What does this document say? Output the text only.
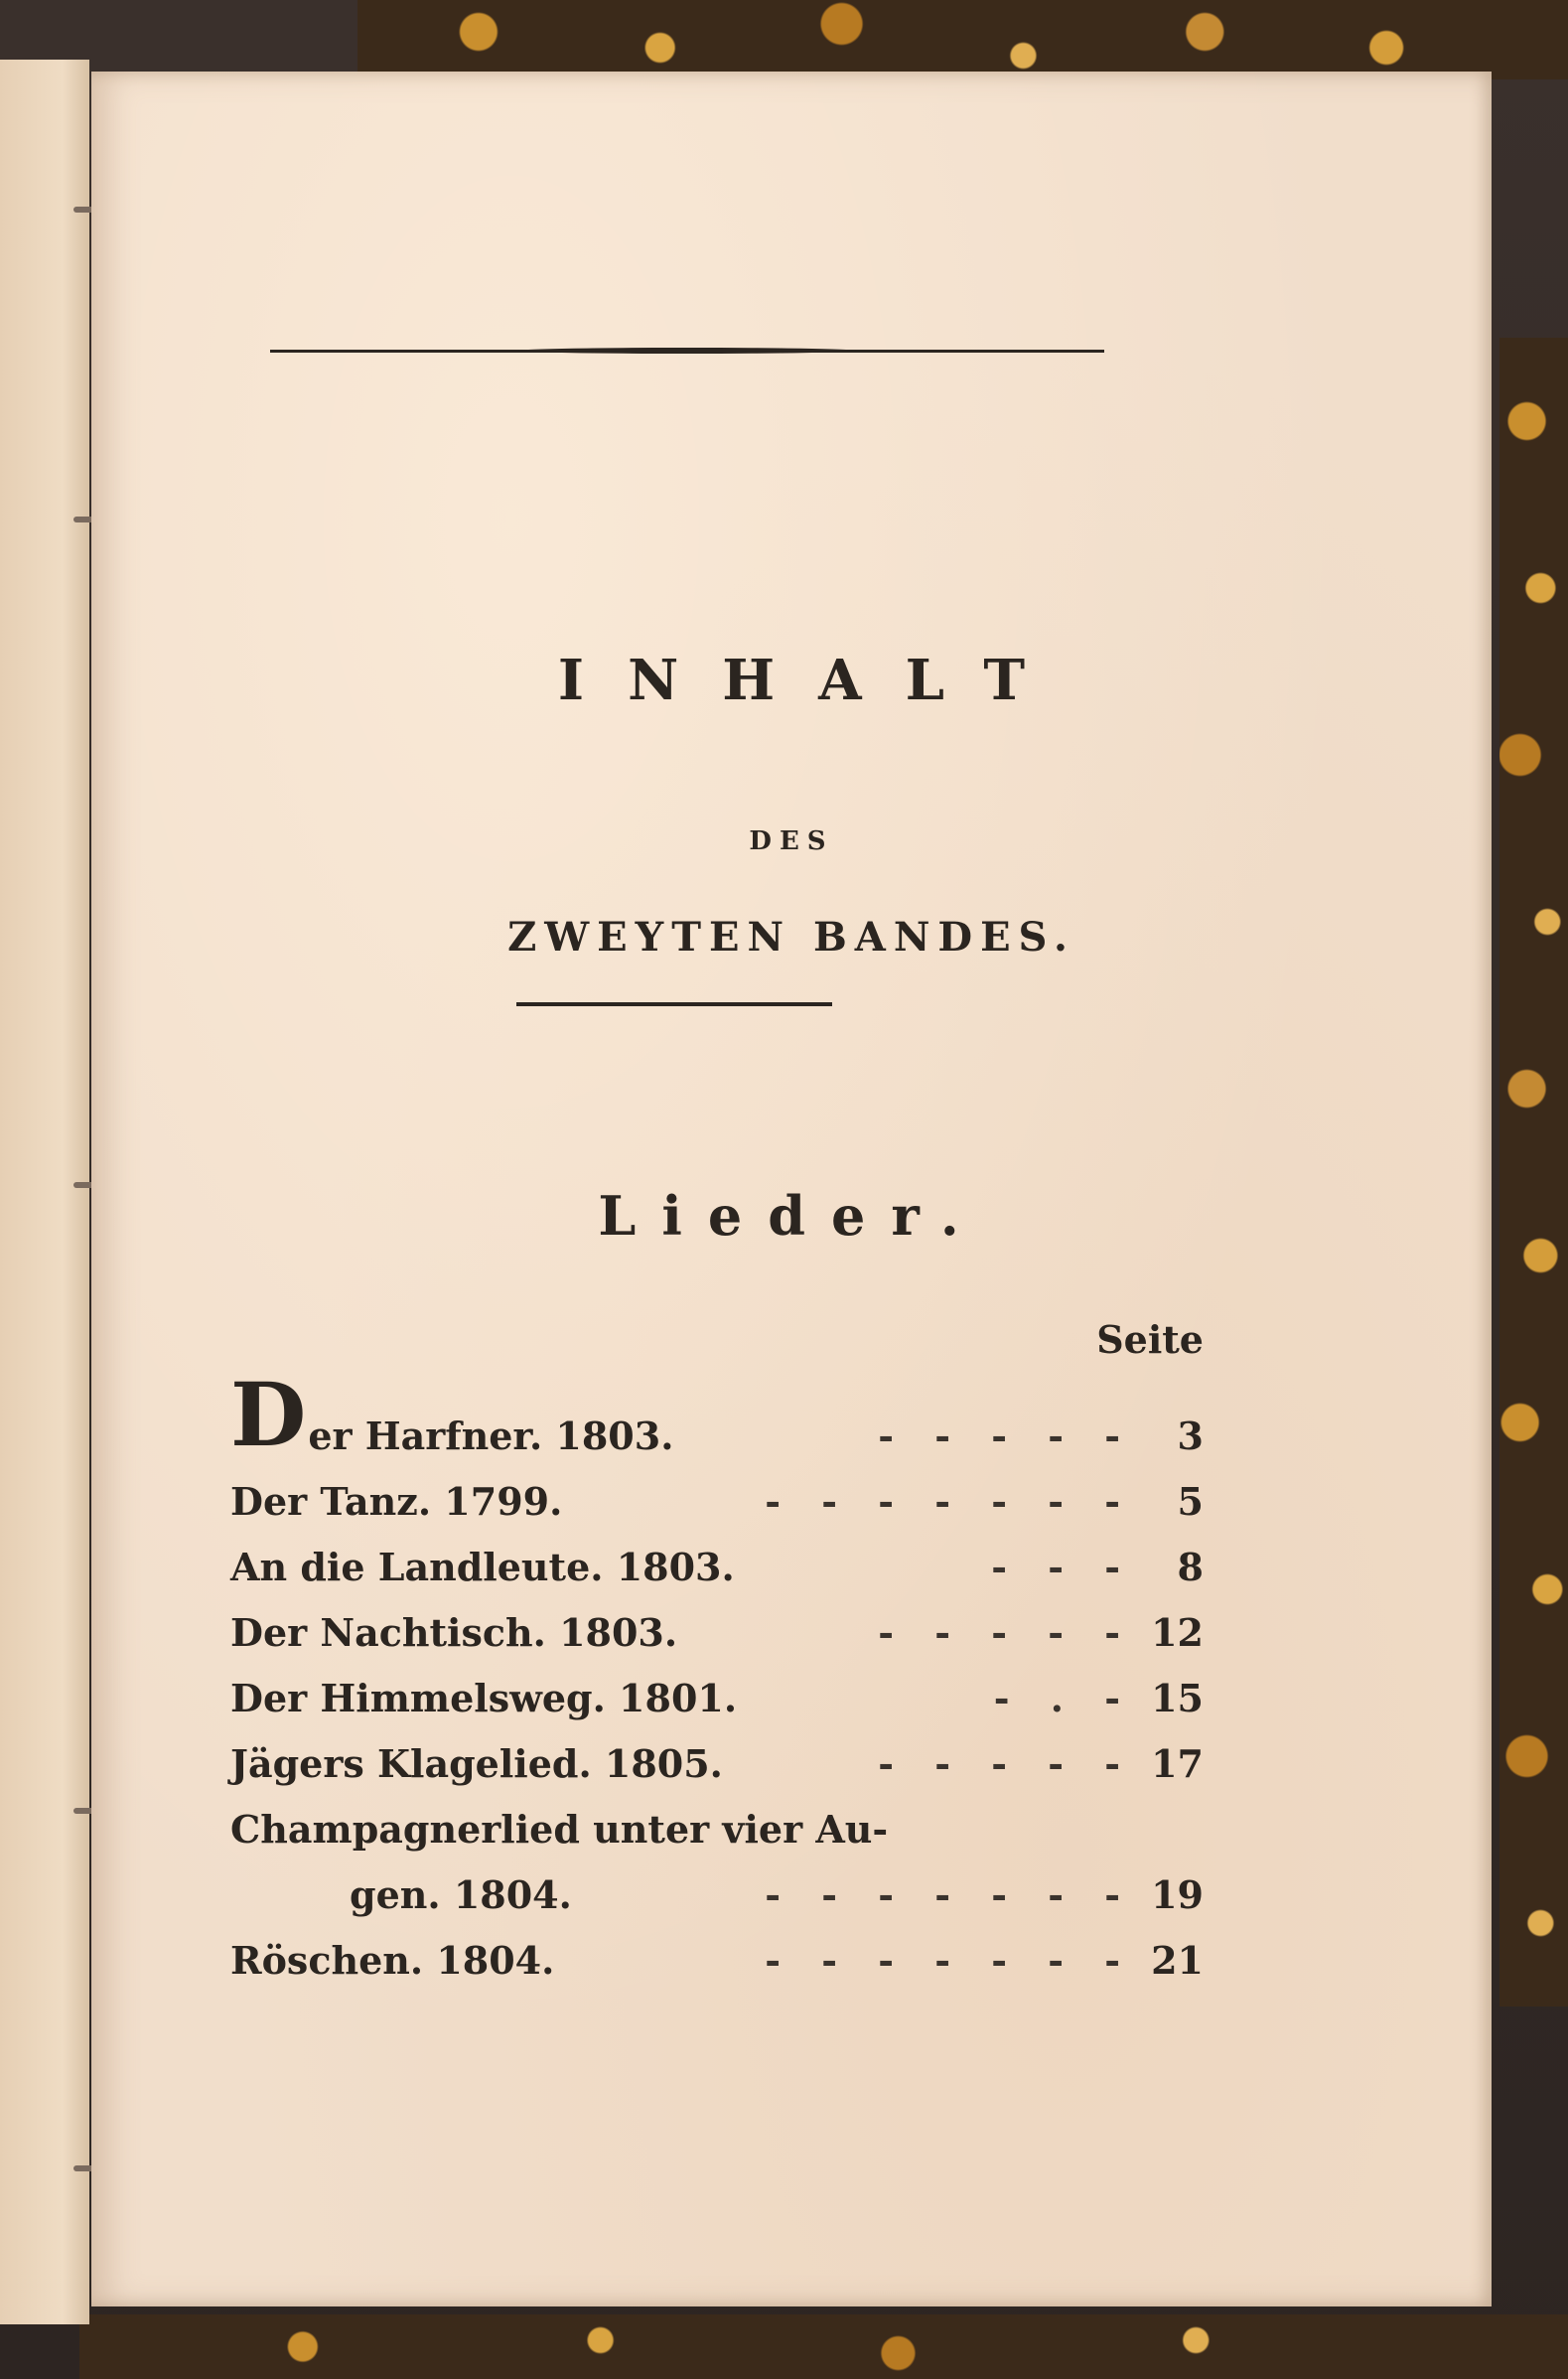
INHALT
DES
ZWEYTEN BANDES.
Lieder.
Seite
Der Harfner. 1803.	- - - - -	3
Der Tanz. 1799.	- - - - - - -	5
An die Landleute. 1803.	- - -	8
Der Nachtisch. 1803.	- - - - - 12
Der Himmelsweg. 1801.	- . - 15
Jägers Klagelied. 1805.	- - - - - 17
Champagnerlied unter vier Au-
gen. 1804.	- - - - - - - 19
Röschen. 1804.	- - - - - - - 21
